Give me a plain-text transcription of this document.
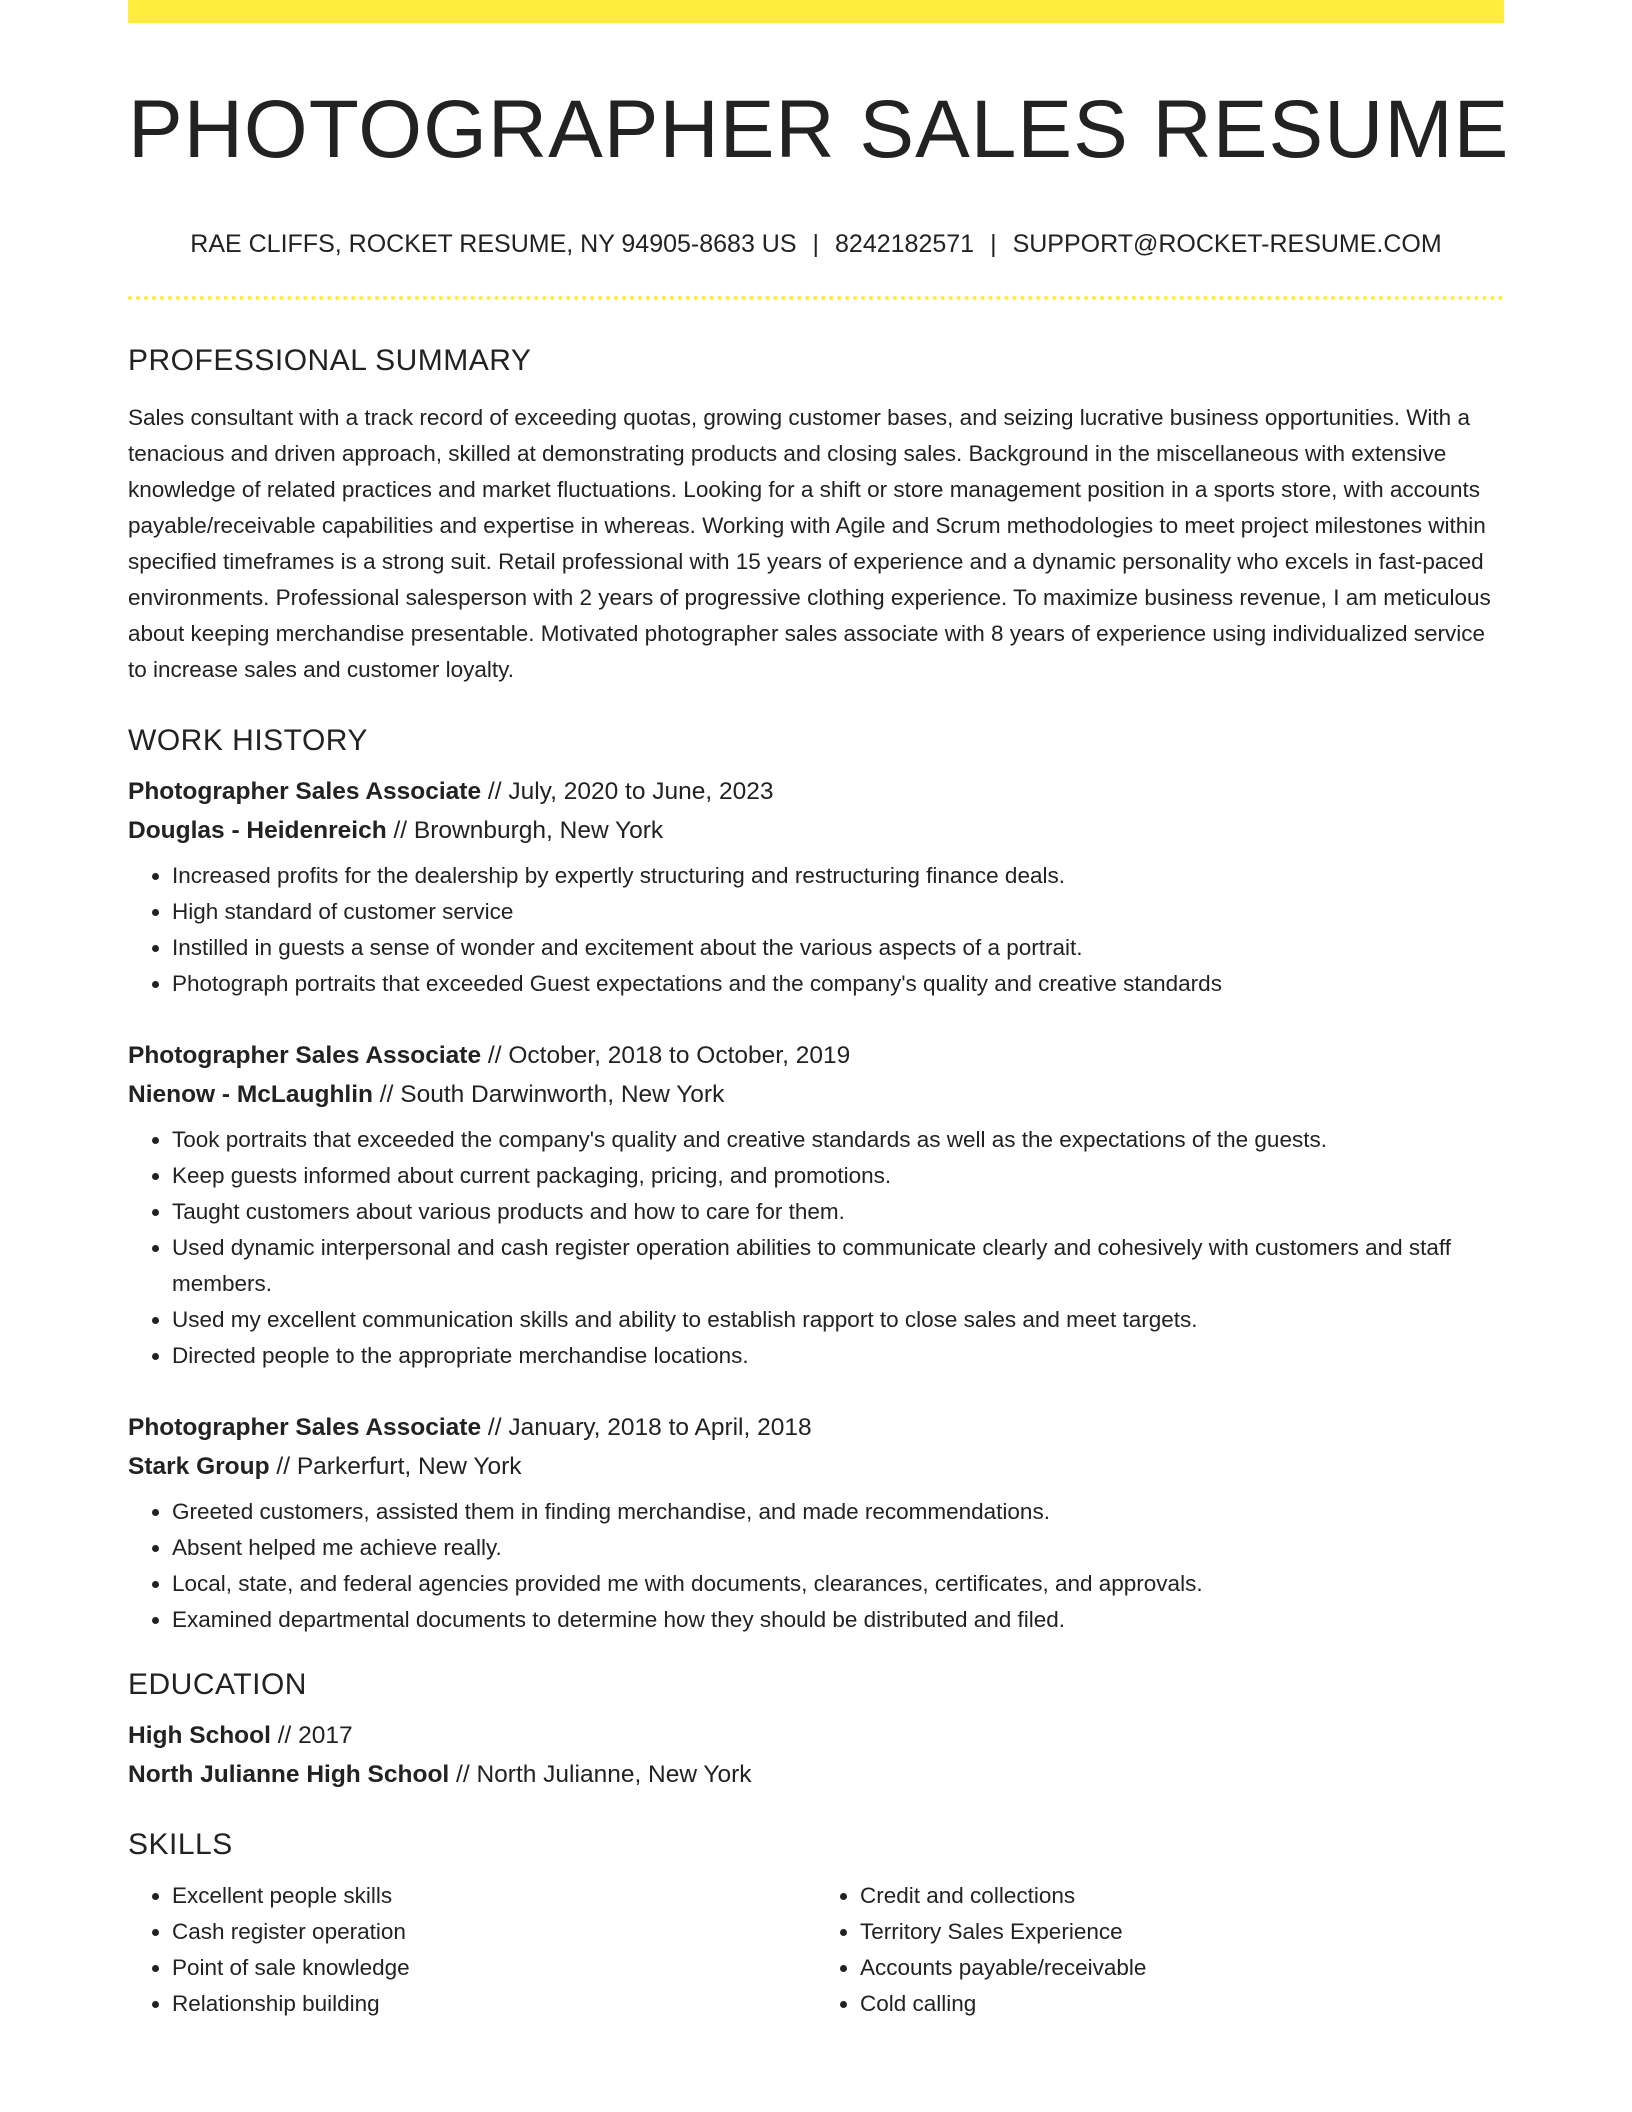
PHOTOGRAPHER SALES RESUME
RAE CLIFFS, ROCKET RESUME, NY 94905-8683 US | 8242182571 | SUPPORT@ROCKET-RESUME.COM
PROFESSIONAL SUMMARY

Sales consultant with a track record of exceeding quotas, growing customer bases, and seizing lucrative business opportunities. With a tenacious and driven approach, skilled at demonstrating products and closing sales. Background in the miscellaneous with extensive knowledge of related practices and market fluctuations. Looking for a shift or store management position in a sports store, with accounts payable/receivable capabilities and expertise in whereas. Working with Agile and Scrum methodologies to meet project milestones within specified timeframes is a strong suit. Retail professional with 15 years of experience and a dynamic personality who excels in fast-paced environments. Professional salesperson with 2 years of progressive clothing experience. To maximize business revenue, I am meticulous about keeping merchandise presentable. Motivated photographer sales associate with 8 years of experience using individualized service to increase sales and customer loyalty.

WORK HISTORY
Photographer Sales Associate // July, 2020 to June, 2023
Douglas - Heidenreich // Brownburgh, New York
• Increased profits for the dealership by expertly structuring and restructuring finance deals.
• High standard of customer service
• Instilled in guests a sense of wonder and excitement about the various aspects of a portrait.
• Photograph portraits that exceeded Guest expectations and the company's quality and creative standards
Photographer Sales Associate // October, 2018 to October, 2019
Nienow - McLaughlin // South Darwinworth, New York
• Took portraits that exceeded the company's quality and creative standards as well as the expectations of the guests.
• Keep guests informed about current packaging, pricing, and promotions.
• Taught customers about various products and how to care for them.
• Used dynamic interpersonal and cash register operation abilities to communicate clearly and cohesively with customers and staff members.
• Used my excellent communication skills and ability to establish rapport to close sales and meet targets.
• Directed people to the appropriate merchandise locations.
Photographer Sales Associate // January, 2018 to April, 2018
Stark Group // Parkerfurt, New York
• Greeted customers, assisted them in finding merchandise, and made recommendations.
• Absent helped me achieve really.
• Local, state, and federal agencies provided me with documents, clearances, certificates, and approvals.
• Examined departmental documents to determine how they should be distributed and filed.
EDUCATION
High School // 2017
North Julianne High School // North Julianne, New York
SKILLS
• Excellent people skills
• Cash register operation
• Point of sale knowledge
• Relationship building
• Credit and collections
• Territory Sales Experience
• Accounts payable/receivable
• Cold calling
